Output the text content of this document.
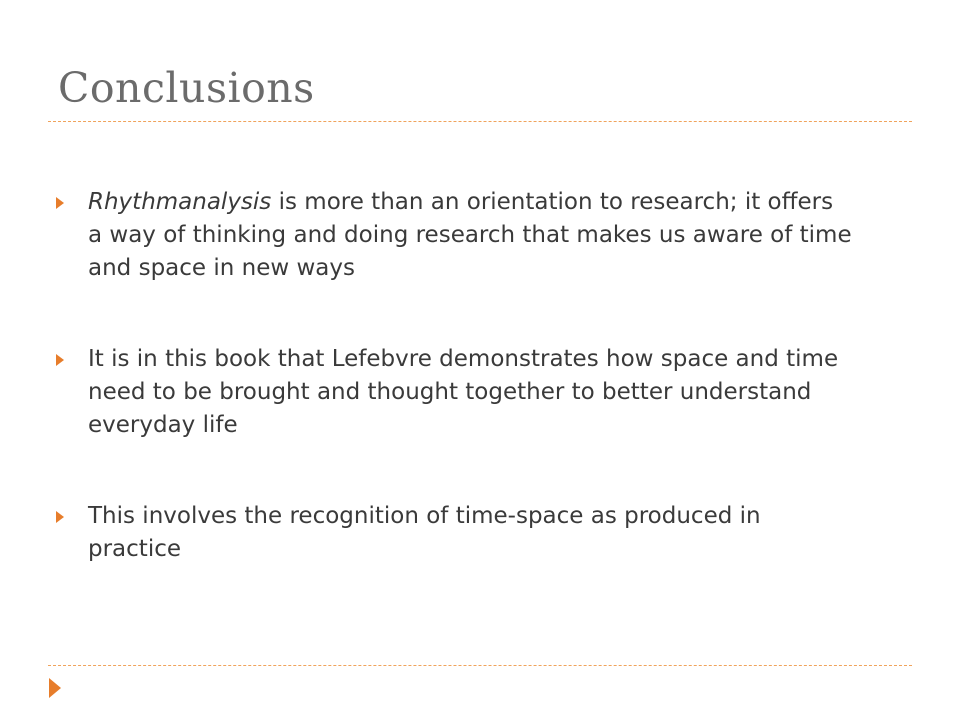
Conclusions
Rhythmanalysis is more than an orientation to research; it offers a way of thinking and doing research that makes us aware of time and space in new ways
It is in this book that Lefebvre demonstrates how space and time need to be brought and thought together to better understand everyday life
This involves the recognition of time-space as produced in practice
